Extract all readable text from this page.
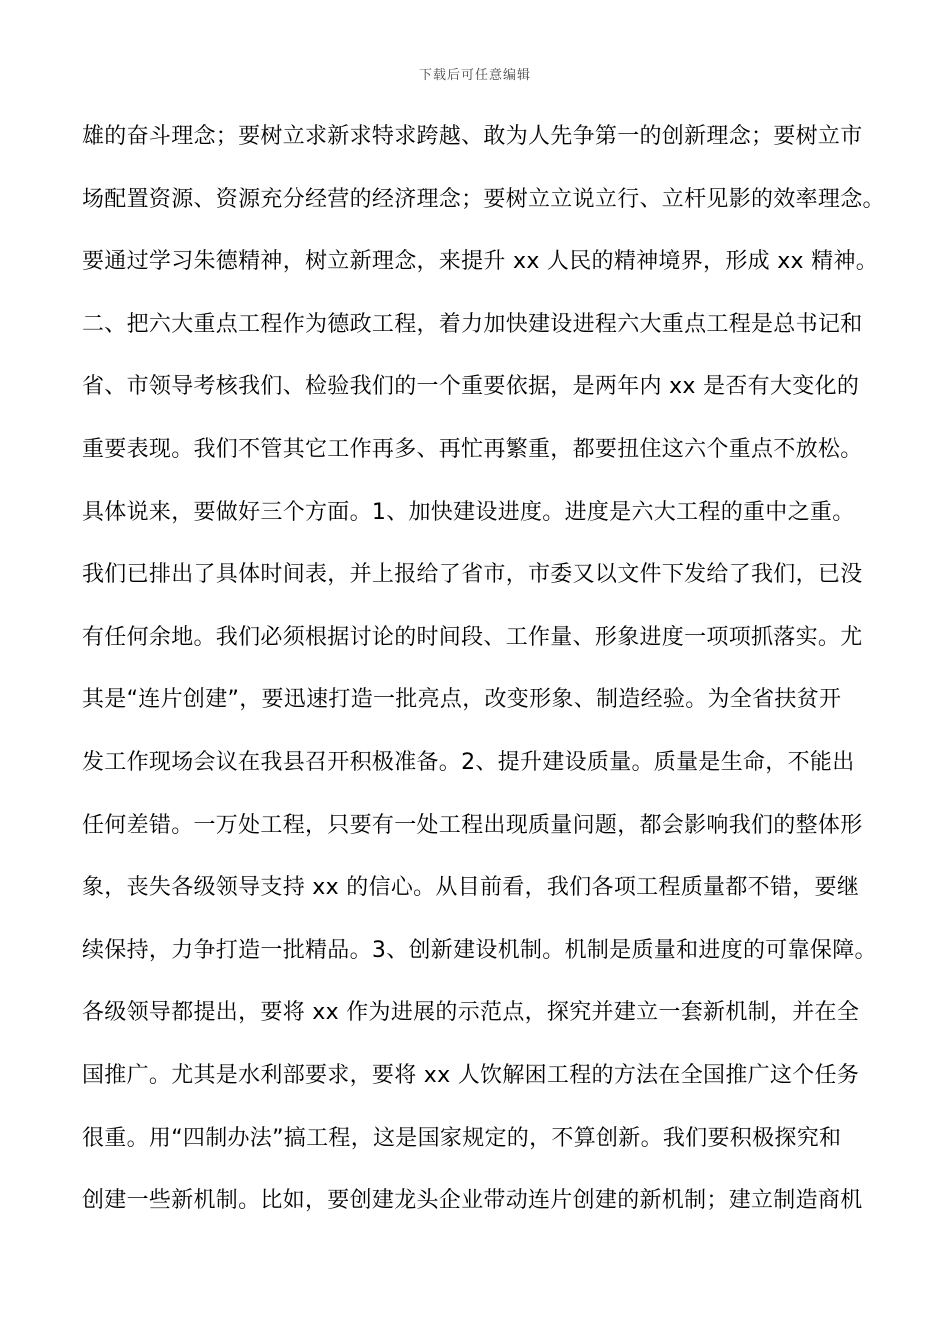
下载后可任意编辑
雄的奋斗理念；要树立求新求特求跨越、敢为人先争第一的创新理念；要树立市
场配置资源、资源充分经营的经济理念；要树立立说立行、立杆见影的效率理念。
要通过学习朱德精神，树立新理念，来提升 xx 人民的精神境界，形成 xx 精神。
二、把六大重点工程作为德政工程，着力加快建设进程六大重点工程是总书记和
省、市领导考核我们、检验我们的一个重要依据，是两年内 xx 是否有大变化的
重要表现。我们不管其它工作再多、再忙再繁重，都要扭住这六个重点不放松。
具体说来，要做好三个方面。1、加快建设进度。进度是六大工程的重中之重。
我们已排出了具体时间表，并上报给了省市，市委又以文件下发给了我们，已没
有任何余地。我们必须根据讨论的时间段、工作量、形象进度一项项抓落实。尤
其是“连片创建”，要迅速打造一批亮点，改变形象、制造经验。为全省扶贫开
发工作现场会议在我县召开积极准备。2、提升建设质量。质量是生命，不能出
任何差错。一万处工程，只要有一处工程出现质量问题，都会影响我们的整体形
象，丧失各级领导支持 xx 的信心。从目前看，我们各项工程质量都不错，要继
续保持，力争打造一批精品。3、创新建设机制。机制是质量和进度的可靠保障。
各级领导都提出，要将 xx 作为进展的示范点，探究并建立一套新机制，并在全
国推广。尤其是水利部要求，要将 xx 人饮解困工程的方法在全国推广这个任务
很重。用“四制办法”搞工程，这是国家规定的，不算创新。我们要积极探究和
创建一些新机制。比如，要创建龙头企业带动连片创建的新机制；建立制造商机
